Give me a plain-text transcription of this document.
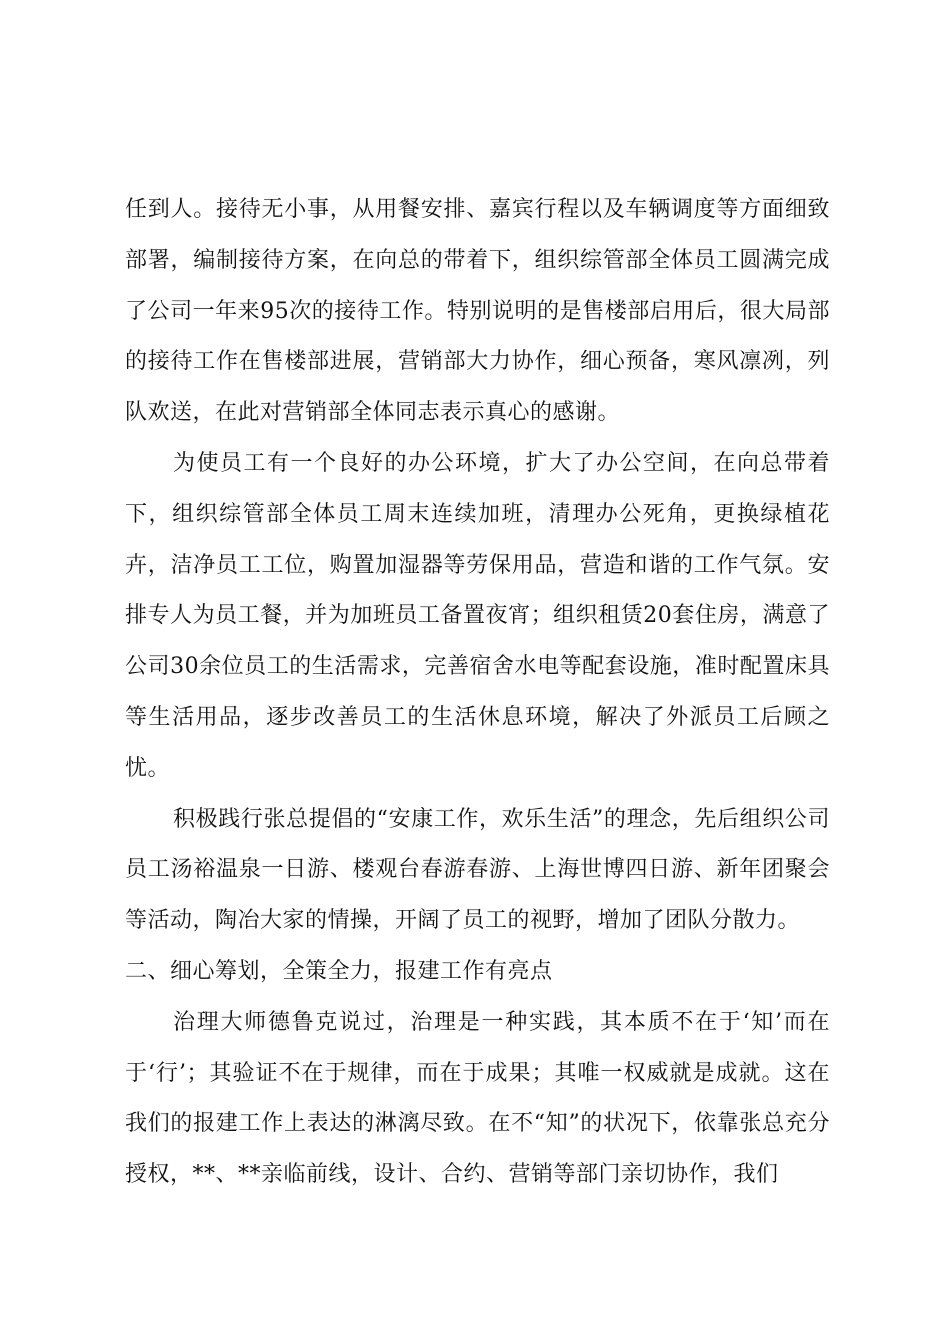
任到人。接待无小事，从用餐安排、嘉宾行程以及车辆调度等方面细致部署，编制接待方案，在向总的带着下，组织综管部全体员工圆满完成了公司一年来95次的接待工作。特别说明的是售楼部启用后，很大局部的接待工作在售楼部进展，营销部大力协作，细心预备，寒风凛冽，列队欢送，在此对营销部全体同志表示真心的感谢。

为使员工有一个良好的办公环境，扩大了办公空间，在向总带着下，组织综管部全体员工周末连续加班，清理办公死角，更换绿植花卉，洁净员工工位，购置加湿器等劳保用品，营造和谐的工作气氛。安排专人为员工餐，并为加班员工备置夜宵；组织租赁20套住房，满意了公司30余位员工的生活需求，完善宿舍水电等配套设施，准时配置床具等生活用品，逐步改善员工的生活休息环境，解决了外派员工后顾之忧。

积极践行张总提倡的“安康工作，欢乐生活”的理念，先后组织公司员工汤裕温泉一日游、楼观台春游春游、上海世博四日游、新年团聚会等活动，陶冶大家的情操，开阔了员工的视野，增加了团队分散力。

二、细心筹划，全策全力，报建工作有亮点

治理大师德鲁克说过，治理是一种实践，其本质不在于‘知’而在于‘行’；其验证不在于规律，而在于成果；其唯一权威就是成就。这在我们的报建工作上表达的淋漓尽致。在不“知”的状况下，依靠张总充分授权，**、**亲临前线，设计、合约、营销等部门亲切协作，我们
